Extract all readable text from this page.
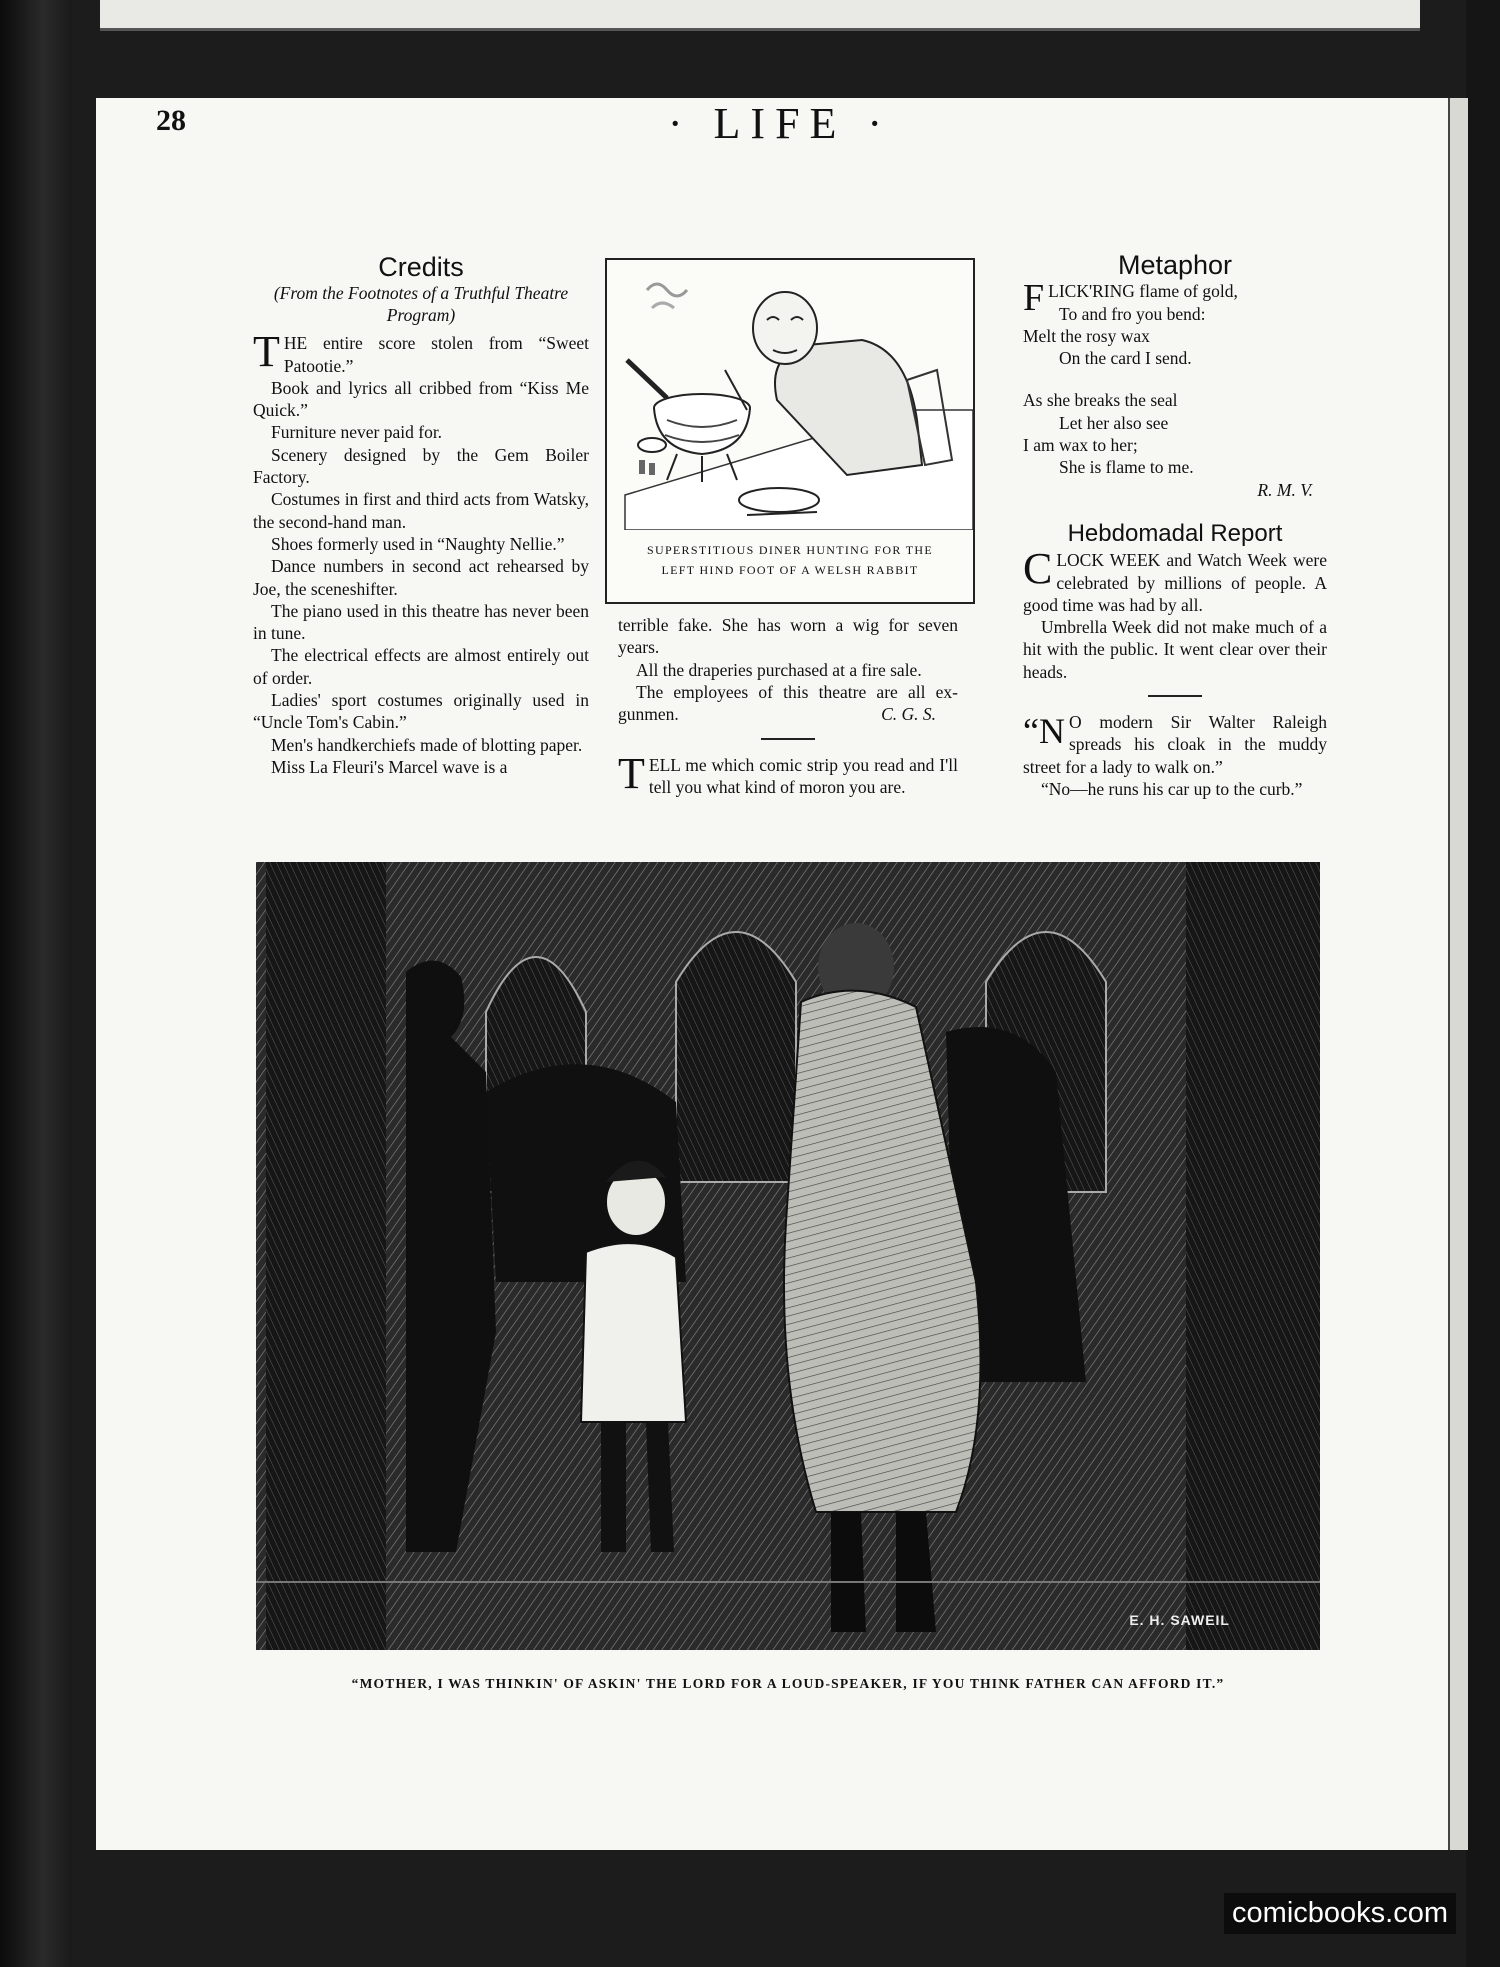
28	· LIFE ·
Credits
(From the Footnotes of a Truthful Theatre Program)

THE entire score stolen from “Sweet Patootie.”

Book and lyrics all cribbed from “Kiss Me Quick.”

Furniture never paid for.

Scenery designed by the Gem Boiler Factory.

Costumes in first and third acts from Watsky, the second-hand man.

Shoes formerly used in “Naughty Nellie.”

Dance numbers in second act rehearsed by Joe, the sceneshifter.

The piano used in this theatre has never been in tune.

The electrical effects are almost entirely out of order.

Ladies' sport costumes originally used in “Uncle Tom's Cabin.”

Men's handkerchiefs made of blotting paper.

Miss La Fleuri's Marcel wave is a

SUPERSTITIOUS DINER HUNTING FOR THE
LEFT HIND FOOT OF A WELSH RABBIT

terrible fake. She has worn a wig for seven years.

All the draperies purchased at a fire sale.

The employees of this theatre are all ex-gunmen.	C. G. S.

TELL me which comic strip you read and I'll tell you what kind of moron you are.

Metaphor

FLICK'RING flame of gold,

To and fro you bend:

Melt the rosy wax

On the card I send.

As she breaks the seal

Let her also see

I am wax to her;

She is flame to me.

R. M. V.

Hebdomadal Report

CLOCK WEEK and Watch Week were celebrated by millions of people. A good time was had by all.

Umbrella Week did not make much of a hit with the public. It went clear over their heads.

“N O modern Sir Walter Raleigh spreads his cloak in the muddy street for a lady to walk on.”

“No—he runs his car up to the curb.”

E. H. SAWEIL
“MOTHER, I WAS THINKIN' OF ASKIN' THE LORD FOR A LOUD-SPEAKER, IF YOU THINK FATHER CAN AFFORD IT.”
comicbooks.com
